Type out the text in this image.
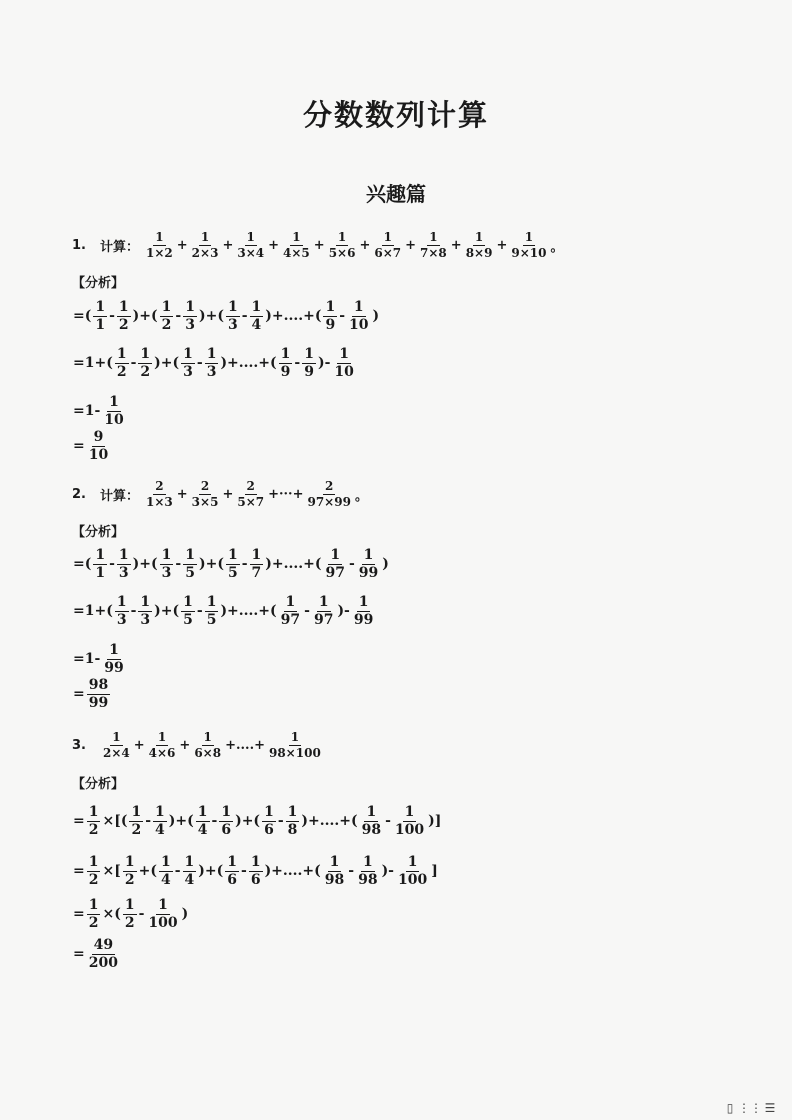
分数数列计算
兴趣篇
1. 计算： $\frac{1}{1\times 2} + \frac{1}{2\times 3} + \frac{1}{3\times 4} + \frac{1}{4\times 5} + \frac{1}{5\times 6} + \frac{1}{6\times 7} + \frac{1}{7\times 8} + \frac{1}{8\times 9} + \frac{1}{9\times 10}$ 。
【分析】
=( $\frac{1}{1} - \frac{1}{2}$ )+( $\frac{1}{2} - \frac{1}{3}$ )+( $\frac{1}{3} - \frac{1}{4}$ )+....+( $\frac{1}{9} - \frac{1}{10}$ )
$=1+( \frac{1}{2} - \frac{1}{2}$ )+( $\frac{1}{3} - \frac{1}{3}$ )+....+( $\frac{1}{9} - \frac{1}{9}$ )- $\frac{1}{10}$
$=1- \frac{1}{10}$
= $\frac{9}{10}$
2. 计算： $\frac{2}{1\times 3} + \frac{2}{3\times 5} + \frac{2}{5\times 7}$ +···+ $\frac{2}{97\times 99}$ 。
【分析】
=( $\frac{1}{1} - \frac{1}{3}$ )+( $\frac{1}{3} - \frac{1}{5}$ )+( $\frac{1}{5} - \frac{1}{7}$ )+....+( $\frac{1}{97} - \frac{1}{99}$ )
$=1+( \frac{1}{3} - \frac{1}{3}$ )+( $\frac{1}{5} - \frac{1}{5}$ )+....+( $\frac{1}{97} - \frac{1}{97}$ )- $\frac{1}{99}$
$=1- \frac{1}{99}$
= $\frac{98}{99}$
3. $\frac{1}{2\times 4} + \frac{1}{4\times 6} + \frac{1}{6\times 8}$ +....+ $\frac{1}{98\times 100}$
【分析】
= $\frac{1}{2}$ ×[( $\frac{1}{2} - \frac{1}{4}$ )+( $\frac{1}{4} - \frac{1}{6}$ )+( $\frac{1}{6} - \frac{1}{8}$ )+....+( $\frac{1}{98} - \frac{1}{100}$ )]
= $\frac{1}{2}$ ×[ $\frac{1}{2}$ +( $\frac{1}{4} - \frac{1}{4}$ )+( $\frac{1}{6} - \frac{1}{6}$ )+....+( $\frac{1}{98} - \frac{1}{98}$ )- $\frac{1}{100}$ ]
= $\frac{1}{2}$ ×( $\frac{1}{2} - \frac{1}{100}$ )
= $\frac{49}{200}$
▯ ⋮⋮ ☰
